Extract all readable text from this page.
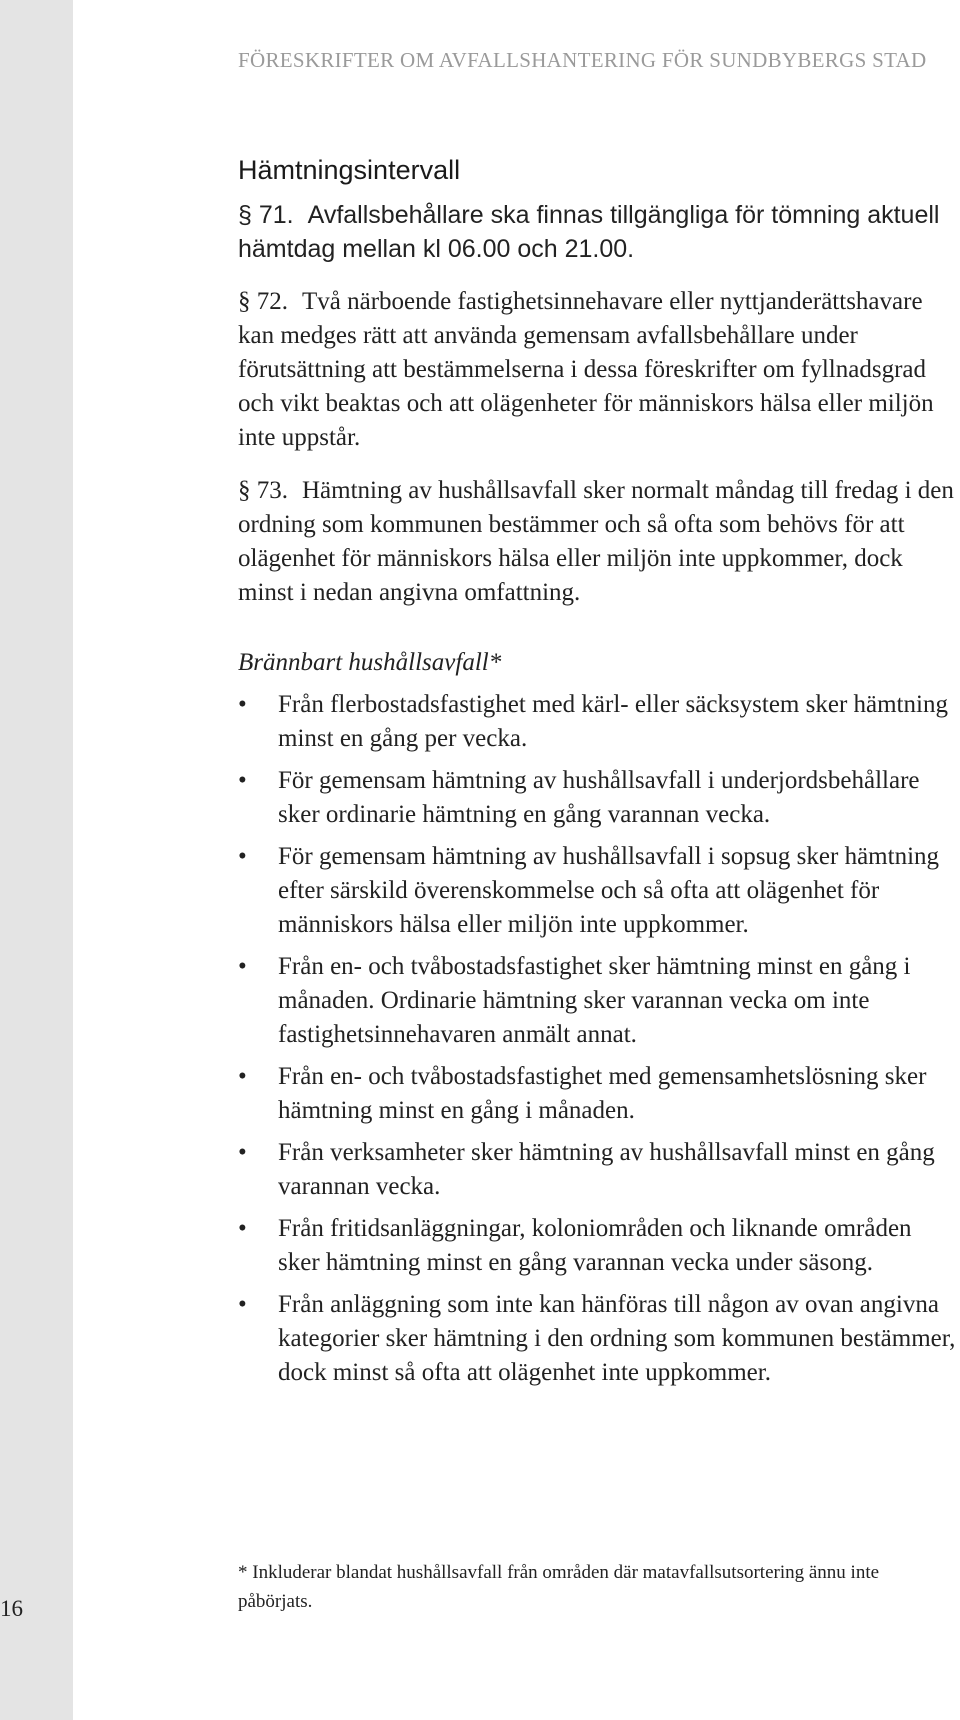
16
FÖRESKRIFTER OM AVFALLSHANTERING FÖR SUNDBYBERGS STAD
Hämtningsintervall

§ 71. Avfallsbehållare ska finnas tillgängliga för tömning aktuell hämtdag mellan kl 06.00 och 21.00.

§ 72. Två närboende fastighetsinnehavare eller nyttjanderättshavare kan medges rätt att använda gemensam avfallsbehållare under förutsättning att bestämmelserna i dessa föreskrifter om fyllnadsgrad och vikt beaktas och att olägenheter för människors hälsa eller miljön inte uppstår.

§ 73. Hämtning av hushållsavfall sker normalt måndag till fredag i den ordning som kommunen bestämmer och så ofta som behövs för att olägenhet för människors hälsa eller miljön inte uppkommer, dock minst i nedan angivna omfattning.

Brännbart hushållsavfall*

• Från flerbostadsfastighet med kärl- eller säcksystem sker hämtning minst en gång per vecka.
• För gemensam hämtning av hushållsavfall i underjordsbehållare sker ordinarie hämtning en gång varannan vecka.
• För gemensam hämtning av hushållsavfall i sopsug sker hämtning efter särskild överenskommelse och så ofta att olägenhet för människors hälsa eller miljön inte uppkommer.
• Från en- och tvåbostadsfastighet sker hämtning minst en gång i månaden. Ordinarie hämtning sker varannan vecka om inte fastighetsinnehavaren anmält annat.
• Från en- och tvåbostadsfastighet med gemensamhetslösning sker hämtning minst en gång i månaden.
• Från verksamheter sker hämtning av hushållsavfall minst en gång varannan vecka.
• Från fritidsanläggningar, koloniområden och liknande områden sker hämtning minst en gång varannan vecka under säsong.
• Från anläggning som inte kan hänföras till någon av ovan angivna kategorier sker hämtning i den ordning som kommunen bestämmer, dock minst så ofta att olägenhet inte uppkommer.
* Inkluderar blandat hushållsavfall från områden där matavfallsutsortering ännu inte påbörjats.
